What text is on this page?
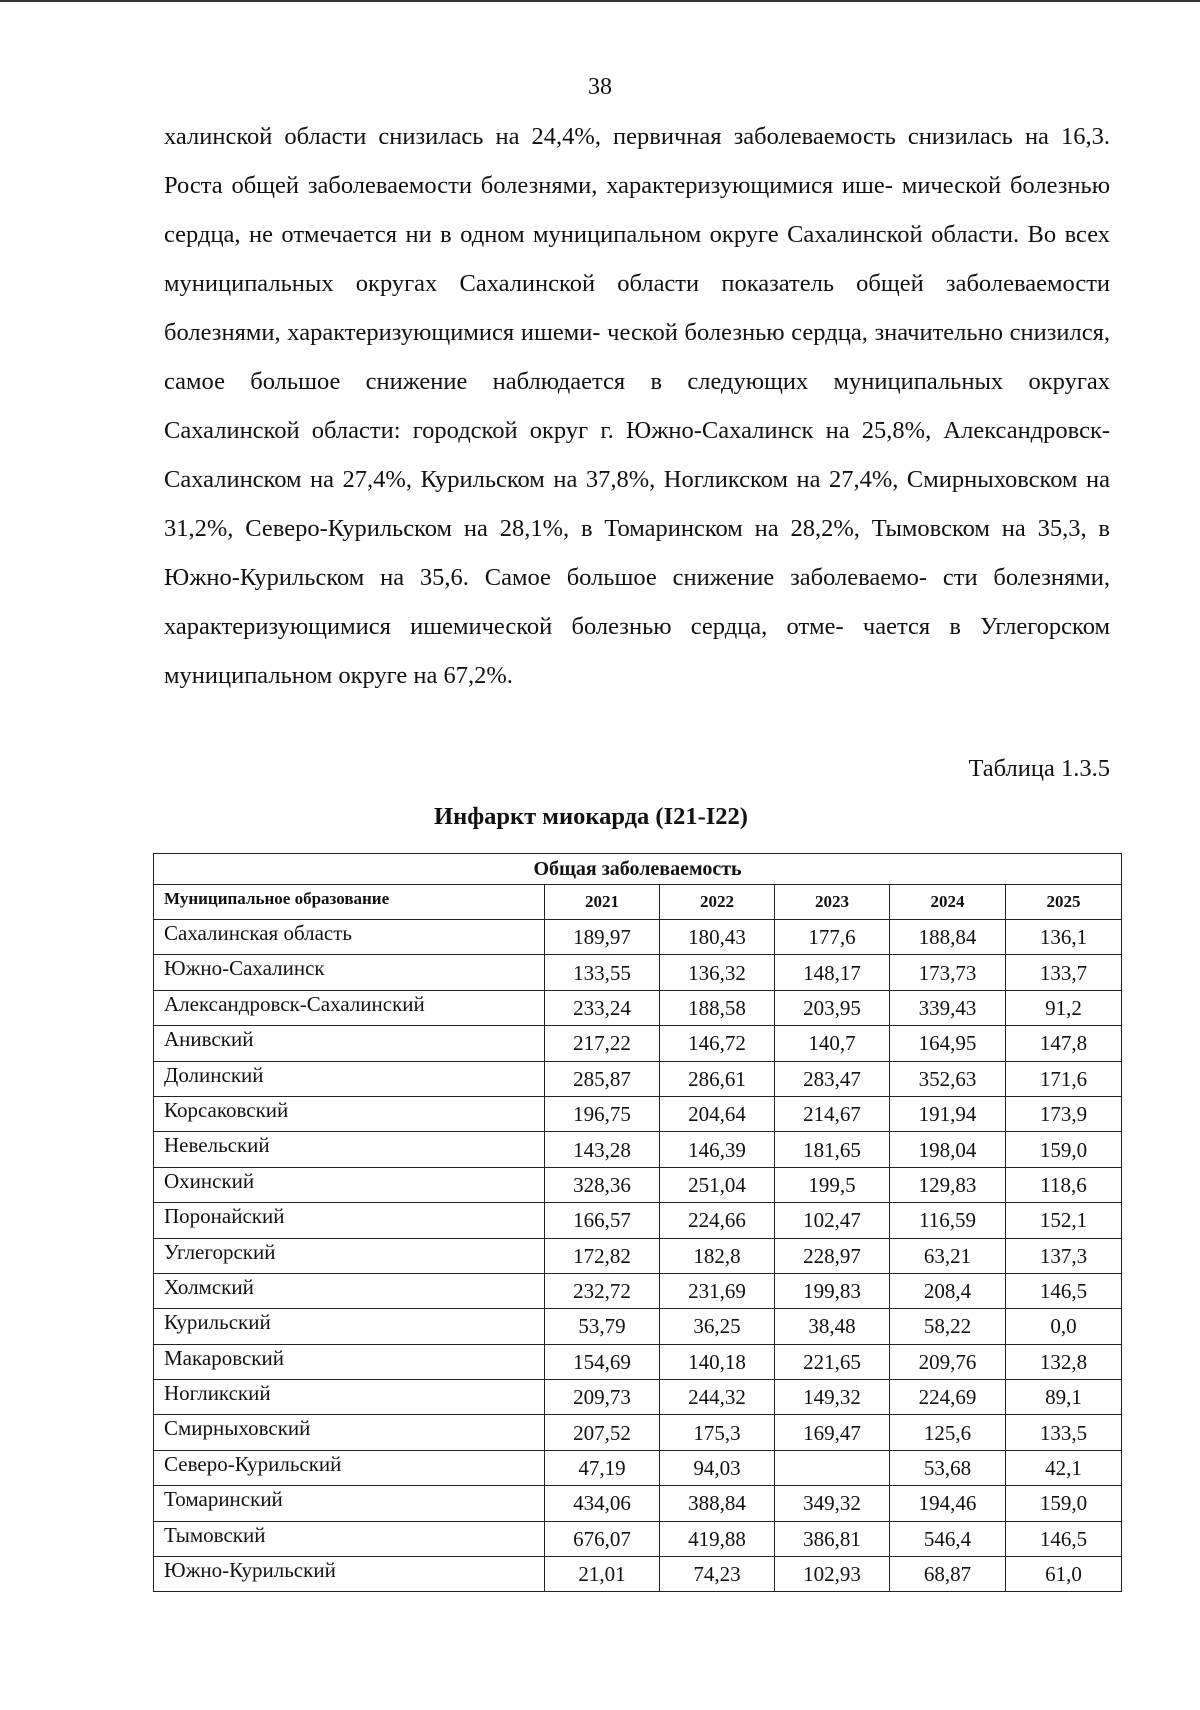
38

халинской области снизилась на 24,4%, первичная заболеваемость снизилась на 16,3. Роста общей заболеваемости болезнями, характеризующимися ише- мической болезнью сердца, не отмечается ни в одном муниципальном округе Сахалинской области. Во всех муниципальных округах Сахалинской области показатель общей заболеваемости болезнями, характеризующимися ишеми- ческой болезнью сердца, значительно снизился, самое большое снижение наблюдается в следующих муниципальных округах Сахалинской области: городской округ г. Южно-Сахалинск на 25,8%, Александровск-Сахалинском на 27,4%, Курильском на 37,8%, Ногликском на 27,4%, Смирныховском на 31,2%, Северо-Курильском на 28,1%, в Томаринском на 28,2%, Тымовском на 35,3, в Южно-Курильском на 35,6. Самое большое снижение заболеваемо- сти болезнями, характеризующимися ишемической болезнью сердца, отме- чается в Углегорском муниципальном округе на 67,2%.

Таблица 1.3.5
Инфаркт миокарда (I21-I22)
Общая заболеваемость					
Муниципальное образование	2021	2022	2023	2024	2025
Сахалинская область	189,97	180,43	177,6	188,84	136,1
Южно-Сахалинск	133,55	136,32	148,17	173,73	133,7
Александровск-Сахалинский	233,24	188,58	203,95	339,43	91,2
Анивский	217,22	146,72	140,7	164,95	147,8
Долинский	285,87	286,61	283,47	352,63	171,6
Корсаковский	196,75	204,64	214,67	191,94	173,9
Невельский	143,28	146,39	181,65	198,04	159,0
Охинский	328,36	251,04	199,5	129,83	118,6
Поронайский	166,57	224,66	102,47	116,59	152,1
Углегорский	172,82	182,8	228,97	63,21	137,3
Холмский	232,72	231,69	199,83	208,4	146,5
Курильский	53,79	36,25	38,48	58,22	0,0
Макаровский	154,69	140,18	221,65	209,76	132,8
Ногликский	209,73	244,32	149,32	224,69	89,1
Смирныховский	207,52	175,3	169,47	125,6	133,5
Северо-Курильский	47,19	94,03		53,68	42,1
Томаринский	434,06	388,84	349,32	194,46	159,0
Тымовский	676,07	419,88	386,81	546,4	146,5
Южно-Курильский	21,01	74,23	102,93	68,87	61,0
